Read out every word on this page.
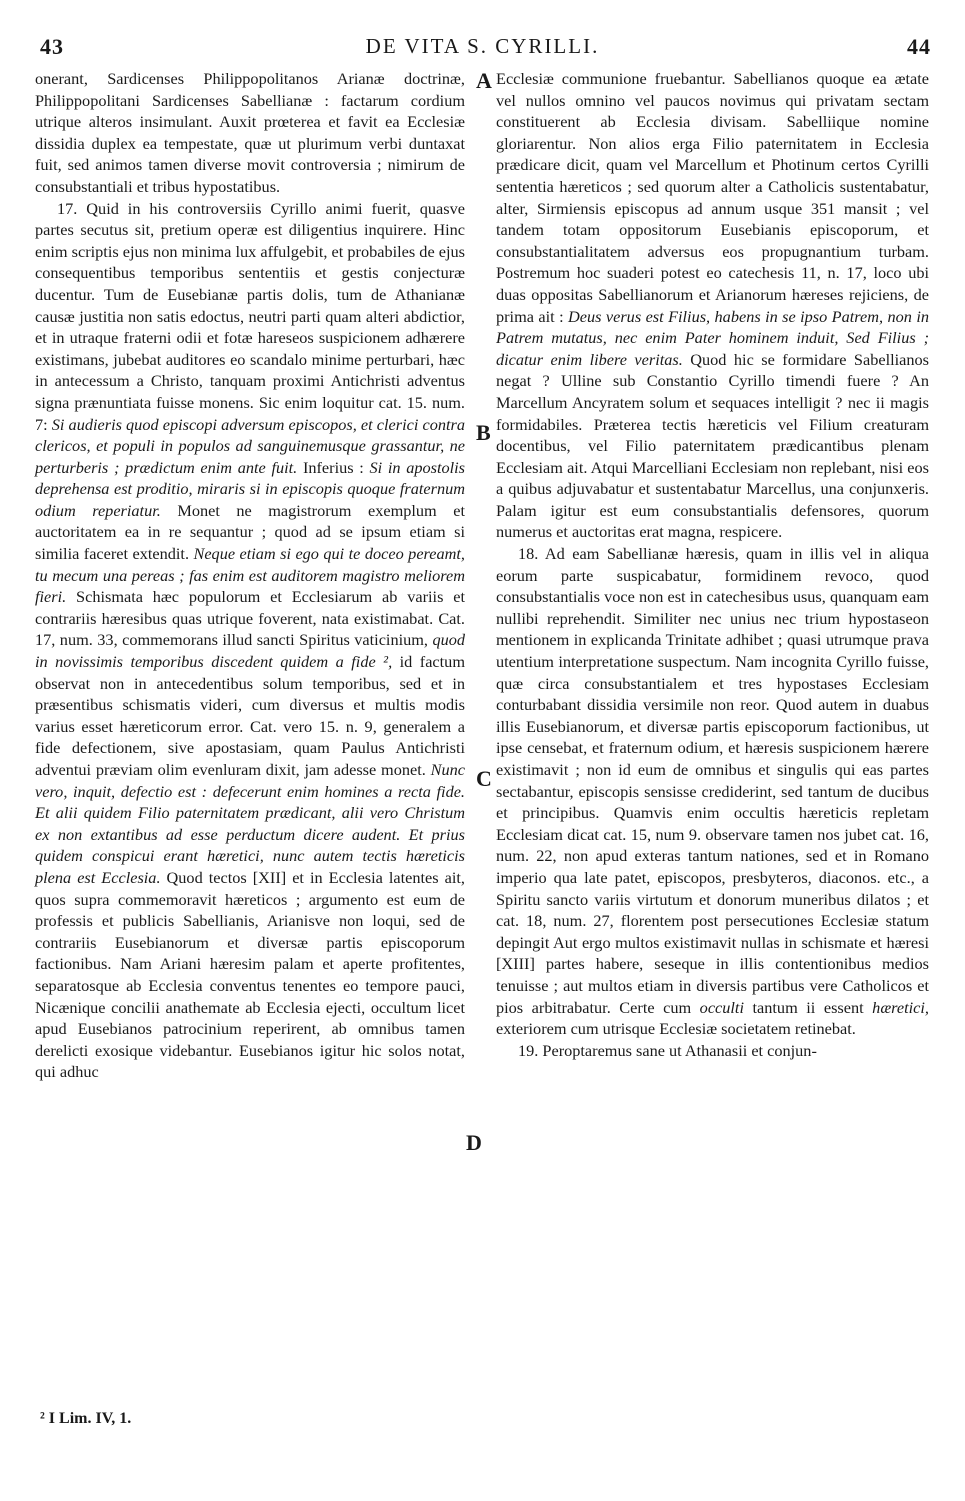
43	DE VITA S. CYRILLI.	44
A
B
C
D

onerant, Sardicenses Philippopolitanos Arianæ doctrinæ, Philippopolitani Sardicenses Sabellianæ : factarum cordium utrique alteros insimulant. Auxit prœterea et favit ea Ecclesiæ dissidia duplex ea tempestate, quæ ut plurimum verbi duntaxat fuit, sed animos tamen diverse movit controversia ; nimirum de consubstantiali et tribus hypostatibus.

17. Quid in his controversiis Cyrillo animi fuerit, quasve partes secutus sit, pretium operæ est diligentius inquirere. Hinc enim scriptis ejus non minima lux affulgebit, et probabiles de ejus consequentibus temporibus sententiis et gestis conjecturæ ducentur. Tum de Eusebianæ partis dolis, tum de Athanianæ causæ justitia non satis edoctus, neutri parti quam alteri abdictior, et in utraque fraterni odii et fotæ hareseos suspicionem adhærere existimans, jubebat auditores eo scandalo minime perturbari, hæc in antecessum a Christo, tanquam proximi Antichristi adventus signa prænuntiata fuisse monens. Sic enim loquitur cat. 15. num. 7: Si audieris quod episcopi adversum episcopos, et clerici contra clericos, et populi in populos ad sanguinemusque grassantur, ne perturberis ; prædictum enim ante fuit. Inferius : Si in apostolis deprehensa est proditio, miraris si in episcopis quoque fraternum odium reperiatur. Monet ne magistrorum exemplum et auctoritatem ea in re sequantur ; quod ad se ipsum etiam si similia faceret extendit. Neque etiam si ego qui te doceo pereamt, tu mecum una pereas ; fas enim est auditorem magistro meliorem fieri. Schismata hæc populorum et Ecclesiarum ab variis et contrariis hæresibus quas utrique foverent, nata existimabat. Cat. 17, num. 33, commemorans illud sancti Spiritus vaticinium, quod in novissimis temporibus discedent quidem a fide ², id factum observat non in antecedentibus solum temporibus, sed et in præsentibus schismatis videri, cum diversus et multis modis varius esset hæreticorum error. Cat. vero 15. n. 9, generalem a fide defectionem, sive apostasiam, quam Paulus Antichristi adventui præviam olim evenluram dixit, jam adesse monet. Nunc vero, inquit, defectio est : defecerunt enim homines a recta fide. Et alii quidem Filio paternitatem prædicant, alii vero Christum ex non extantibus ad esse perductum dicere audent. Et prius quidem conspicui erant hæretici, nunc autem tectis hæreticis plena est Ecclesia. Quod tectos [XII] et in Ecclesia latentes ait, quos supra commemoravit hæreticos ; argumento est eum de professis et publicis Sabellianis, Arianisve non loqui, sed de contrariis Eusebianorum et diversæ partis episcoporum factionibus. Nam Ariani hæresim palam et aperte profitentes, separatosque ab Ecclesia conventus tenentes eo tempore pauci, Nicænique concilii anathemate ab Ecclesia ejecti, occultum licet apud Eusebianos patrocinium reperirent, ab omnibus tamen derelicti exosique videbantur. Eusebianos igitur hic solos notat, qui adhuc

Ecclesiæ communione fruebantur. Sabellianos quoque ea ætate vel nullos omnino vel paucos novimus qui privatam sectam constituerent ab Ecclesia divisam. Sabelliique nomine gloriarentur. Non alios erga Filio paternitatem in Ecclesia prædicare dicit, quam vel Marcellum et Photinum certos Cyrilli sententia hæreticos ; sed quorum alter a Catholicis sustentabatur, alter, Sirmiensis episcopus ad annum usque 351 mansit ; vel tandem totam oppositorum Eusebianis episcoporum, et consubstantialitatem adversus eos propugnantium turbam. Postremum hoc suaderi potest eo catechesis 11, n. 17, loco ubi duas oppositas Sabellianorum et Arianorum hæreses rejiciens, de prima ait : Deus verus est Filius, habens in se ipso Patrem, non in Patrem mutatus, nec enim Pater hominem induit, Sed Filius ; dicatur enim libere veritas. Quod hic se formidare Sabellianos negat ? Ulline sub Constantio Cyrillo timendi fuere ? An Marcellum Ancyratem solum et sequaces intelligit ? nec ii magis formidabiles. Præterea tectis hæreticis vel Filium creaturam docentibus, vel Filio paternitatem prædicantibus plenam Ecclesiam ait. Atqui Marcelliani Ecclesiam non replebant, nisi eos a quibus adjuvabatur et sustentabatur Marcellus, una conjunxeris. Palam igitur est eum consubstantialis defensores, quorum numerus et auctoritas erat magna, respicere.

18. Ad eam Sabellianæ hæresis, quam in illis vel in aliqua eorum parte suspicabatur, formidinem revoco, quod consubstantialis voce non est in catechesibus usus, quanquam eam nullibi reprehendit. Similiter nec unius nec trium hypostaseon mentionem in explicanda Trinitate adhibet ; quasi utrumque prava utentium interpretatione suspectum. Nam incognita Cyrillo fuisse, quæ circa consubstantialem et tres hypostases Ecclesiam conturbabant dissidia versimile non reor. Quod autem in duabus illis Eusebianorum, et diversæ partis episcoporum factionibus, ut ipse censebat, et fraternum odium, et hæresis suspicionem hærere existimavit ; non id eum de omnibus et singulis qui eas partes sectabantur, episcopis sensisse crediderint, sed tantum de ducibus et principibus. Quamvis enim occultis hæreticis repletam Ecclesiam dicat cat. 15, num 9. observare tamen nos jubet cat. 16, num. 22, non apud exteras tantum nationes, sed et in Romano imperio qua late patet, episcopos, presbyteros, diaconos. etc., a Spiritu sancto variis virtutum et donorum muneribus dilatos ; et cat. 18, num. 27, florentem post persecutiones Ecclesiæ statum depingit Aut ergo multos existimavit nullas in schismate et hæresi [XIII] partes habere, seseque in illis contentionibus medios tenuisse ; aut multos etiam in diversis partibus vere Catholicos et pios arbitrabatur. Certe cum occulti tantum ii essent hæretici, exteriorem cum utrisque Ecclesiæ societatem retinebat.

19. Peroptaremus sane ut Athanasii et conjun-

² I Lim. IV, 1.
